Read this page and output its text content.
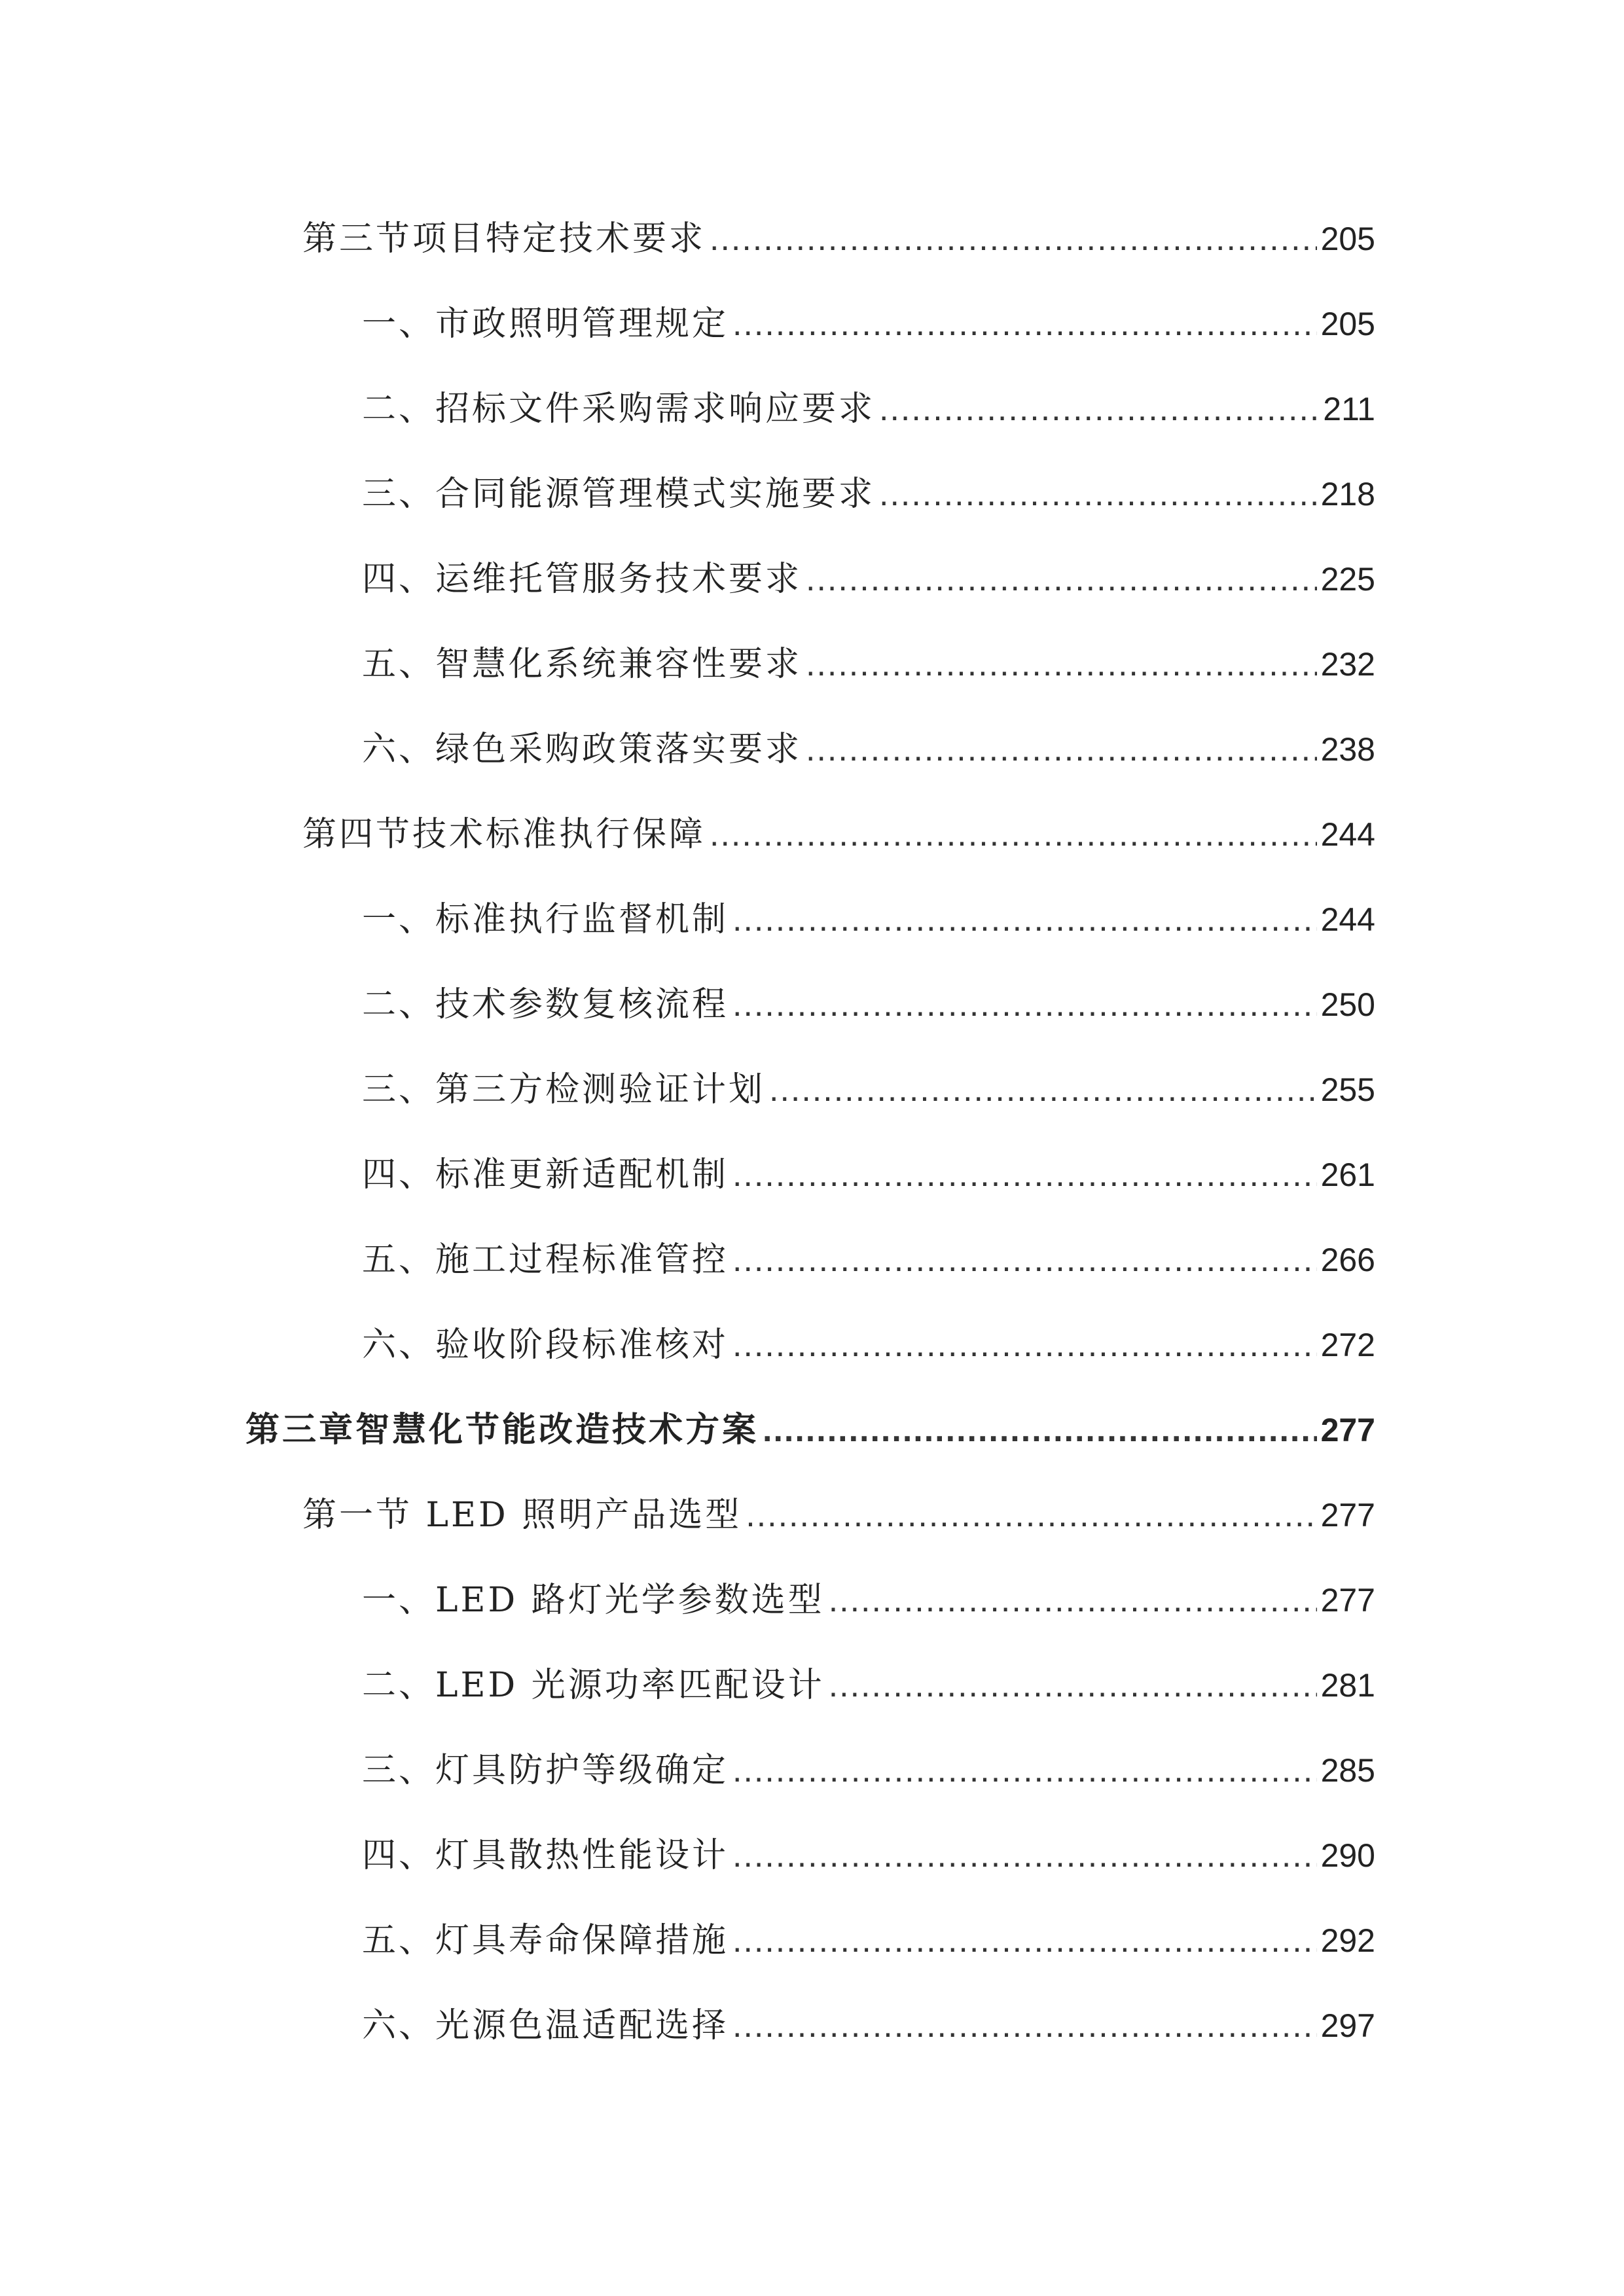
第三节项目特定技术要求 .....	205
一、市政照明管理规定 .....	205
二、招标文件采购需求响应要求 .....	211
三、合同能源管理模式实施要求 .....	218
四、运维托管服务技术要求 .....	225
五、智慧化系统兼容性要求 .....	232
六、绿色采购政策落实要求 .....	238
第四节技术标准执行保障 .....	244
一、标准执行监督机制 .....	244
二、技术参数复核流程 .....	250
三、第三方检测验证计划 .....	255
四、标准更新适配机制 .....	261
五、施工过程标准管控 .....	266
六、验收阶段标准核对 .....	272
第三章智慧化节能改造技术方案 .....	277
第一节 LED 照明产品选型 .....	277
一、LED 路灯光学参数选型 .....	277
二、LED 光源功率匹配设计 .....	281
三、灯具防护等级确定 .....	285
四、灯具散热性能设计 .....	290
五、灯具寿命保障措施 .....	292
六、光源色温适配选择 .....	297
